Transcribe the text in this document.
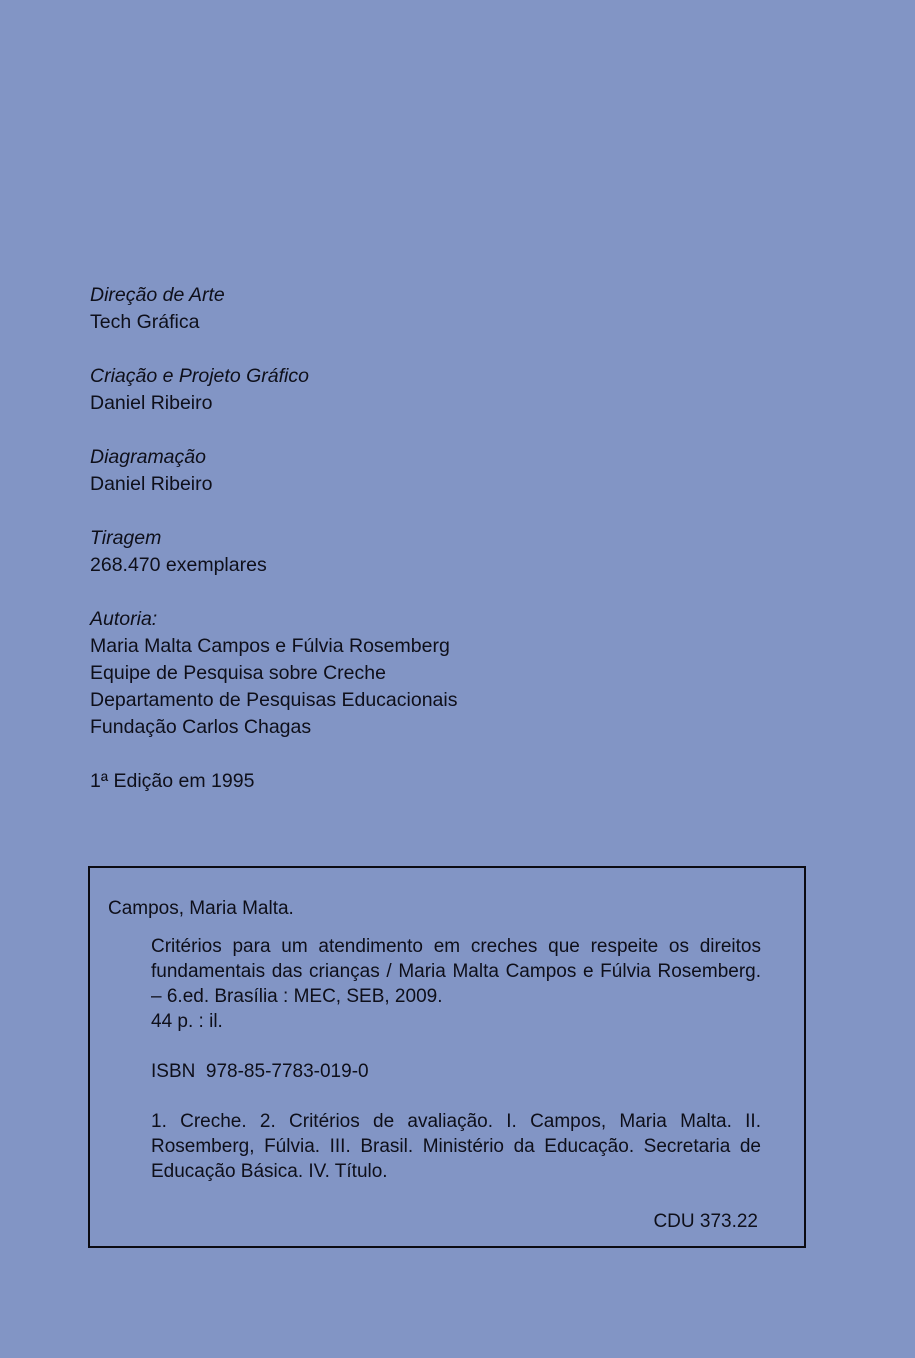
Direção de Arte
Tech Gráfica
Criação e Projeto Gráfico
Daniel Ribeiro
Diagramação
Daniel Ribeiro
Tiragem
268.470 exemplares
Autoria:
Maria Malta Campos e Fúlvia Rosemberg
Equipe de Pesquisa sobre Creche
Departamento de Pesquisas Educacionais
Fundação Carlos Chagas
1ª Edição em 1995
Campos, Maria Malta.
Critérios para um atendimento em creches que respeite os direitos fundamentais das crianças / Maria Malta Campos e Fúlvia Rosemberg. – 6.ed. Brasília : MEC, SEB, 2009.
44 p. : il.
ISBN  978-85-7783-019-0
1. Creche. 2. Critérios de avaliação. I. Campos, Maria Malta. II. Rosemberg, Fúlvia. III. Brasil. Ministério da Educação. Secretaria de Educação Básica. IV. Título.
CDU 373.22
